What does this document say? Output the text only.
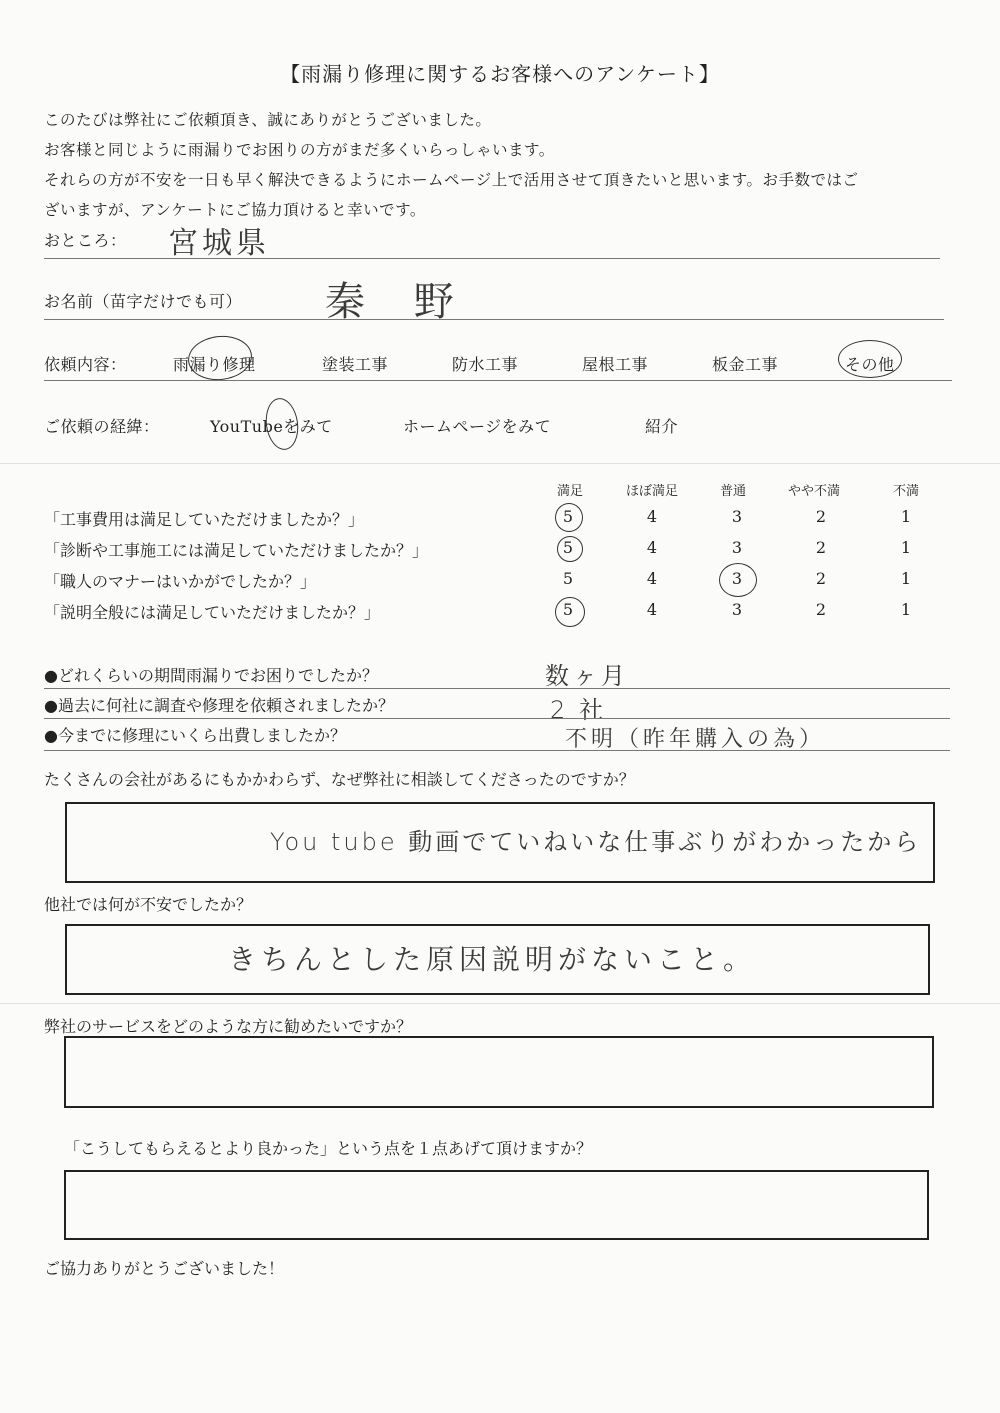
【雨漏り修理に関するお客様へのアンケート】
このたびは弊社にご依頼頂き、誠にありがとうございました。
お客様と同じように雨漏りでお困りの方がまだ多くいらっしゃいます。
それらの方が不安を一日も早く解決できるようにホームページ上で活用させて頂きたいと思います。お手数ではご
ざいますが、アンケートにご協力頂けると幸いです。
おところ： 宮城県
お名前（苗字だけでも可） 秦 野
依頼内容：	雨漏り修理	塗装工事	防水工事	屋根工事	板金工事	その他
ご依頼の経緯：	YouTubeをみて	ホームページをみて	紹介
満足	ほぼ満足	普通	やや不満	不満
「工事費用は満足していただけましたか？」	5	4	3	2	1
「診断や工事施工には満足していただけましたか？」	5	4	3	2	1
「職人のマナーはいかがでしたか？」	5	4	3	2	1
「説明全般には満足していただけましたか？」	5	4	3	2	1
●どれくらいの期間雨漏りでお困りでしたか？	数ヶ月
●過去に何社に調査や修理を依頼されましたか？	2社
●今までに修理にいくら出費しましたか？	不明（昨年購入の為）
たくさんの会社があるにもかかわらず、なぜ弊社に相談してくださったのですか？
You tube 動画でていねいな仕事ぶりがわかったから
他社では何が不安でしたか？
きちんとした原因説明がないこと。
弊社のサービスをどのような方に勧めたいですか？
「こうしてもらえるとより良かった」という点を１点あげて頂けますか？
ご協力ありがとうございました！
